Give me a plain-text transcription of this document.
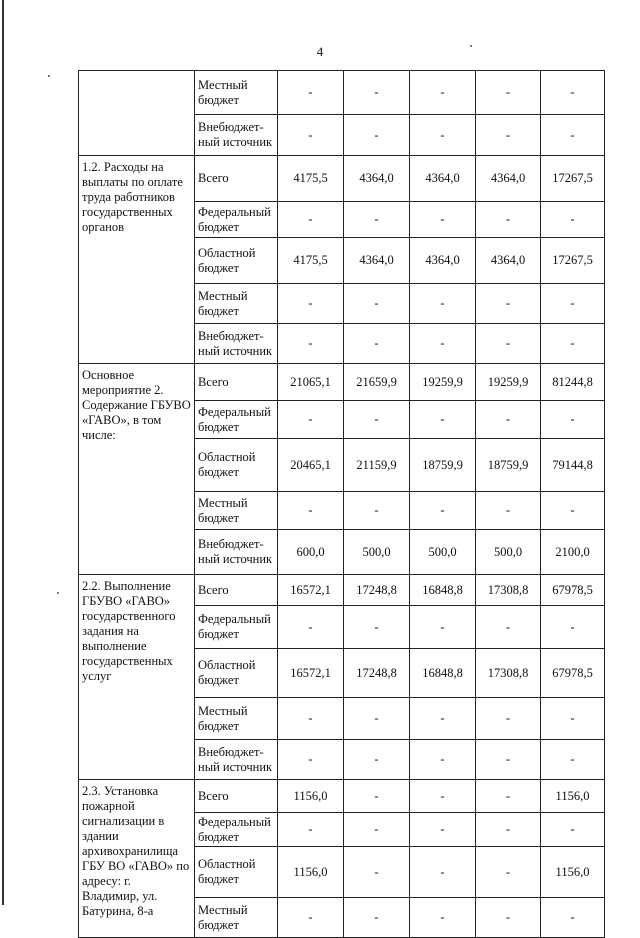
4
	Местный бюджет	-	-	-	-	-
	Внебюджет-ный источник	-	-	-	-	-
1.2. Расходы на выплаты по оплате труда работников государственных органов	Всего	4175,5	4364,0	4364,0	4364,0	17267,5
	Федеральный бюджет	-	-	-	-	-
	Областной бюджет	4175,5	4364,0	4364,0	4364,0	17267,5
	Местный бюджет	-	-	-	-	-
	Внебюджет-ный источник	-	-	-	-	-
Основное мероприятие 2. Содержание ГБУВО «ГАВО», в том числе:	Всего	21065,1	21659,9	19259,9	19259,9	81244,8
	Федеральный бюджет	-	-	-	-	-
	Областной бюджет	20465,1	21159,9	18759,9	18759,9	79144,8
	Местный бюджет	-	-	-	-	-
	Внебюджет-ный источник	600,0	500,0	500,0	500,0	2100,0
2.2. Выполнение ГБУВО «ГАВО» государственного задания на выполнение государственных услуг	Всего	16572,1	17248,8	16848,8	17308,8	67978,5
	Федеральный бюджет	-	-	-	-	-
	Областной бюджет	16572,1	17248,8	16848,8	17308,8	67978,5
	Местный бюджет	-	-	-	-	-
	Внебюджет-ный источник	-	-	-	-	-
2.3. Установка пожарной сигнализации в здании архивохранилища ГБУ ВО «ГАВО» по адресу: г. Владимир, ул. Батурина, 8-а	Всего	1156,0	-	-	-	1156,0
	Федеральный бюджет	-	-	-	-	-
	Областной бюджет	1156,0	-	-	-	1156,0
	Местный бюджет	-	-	-	-	-
